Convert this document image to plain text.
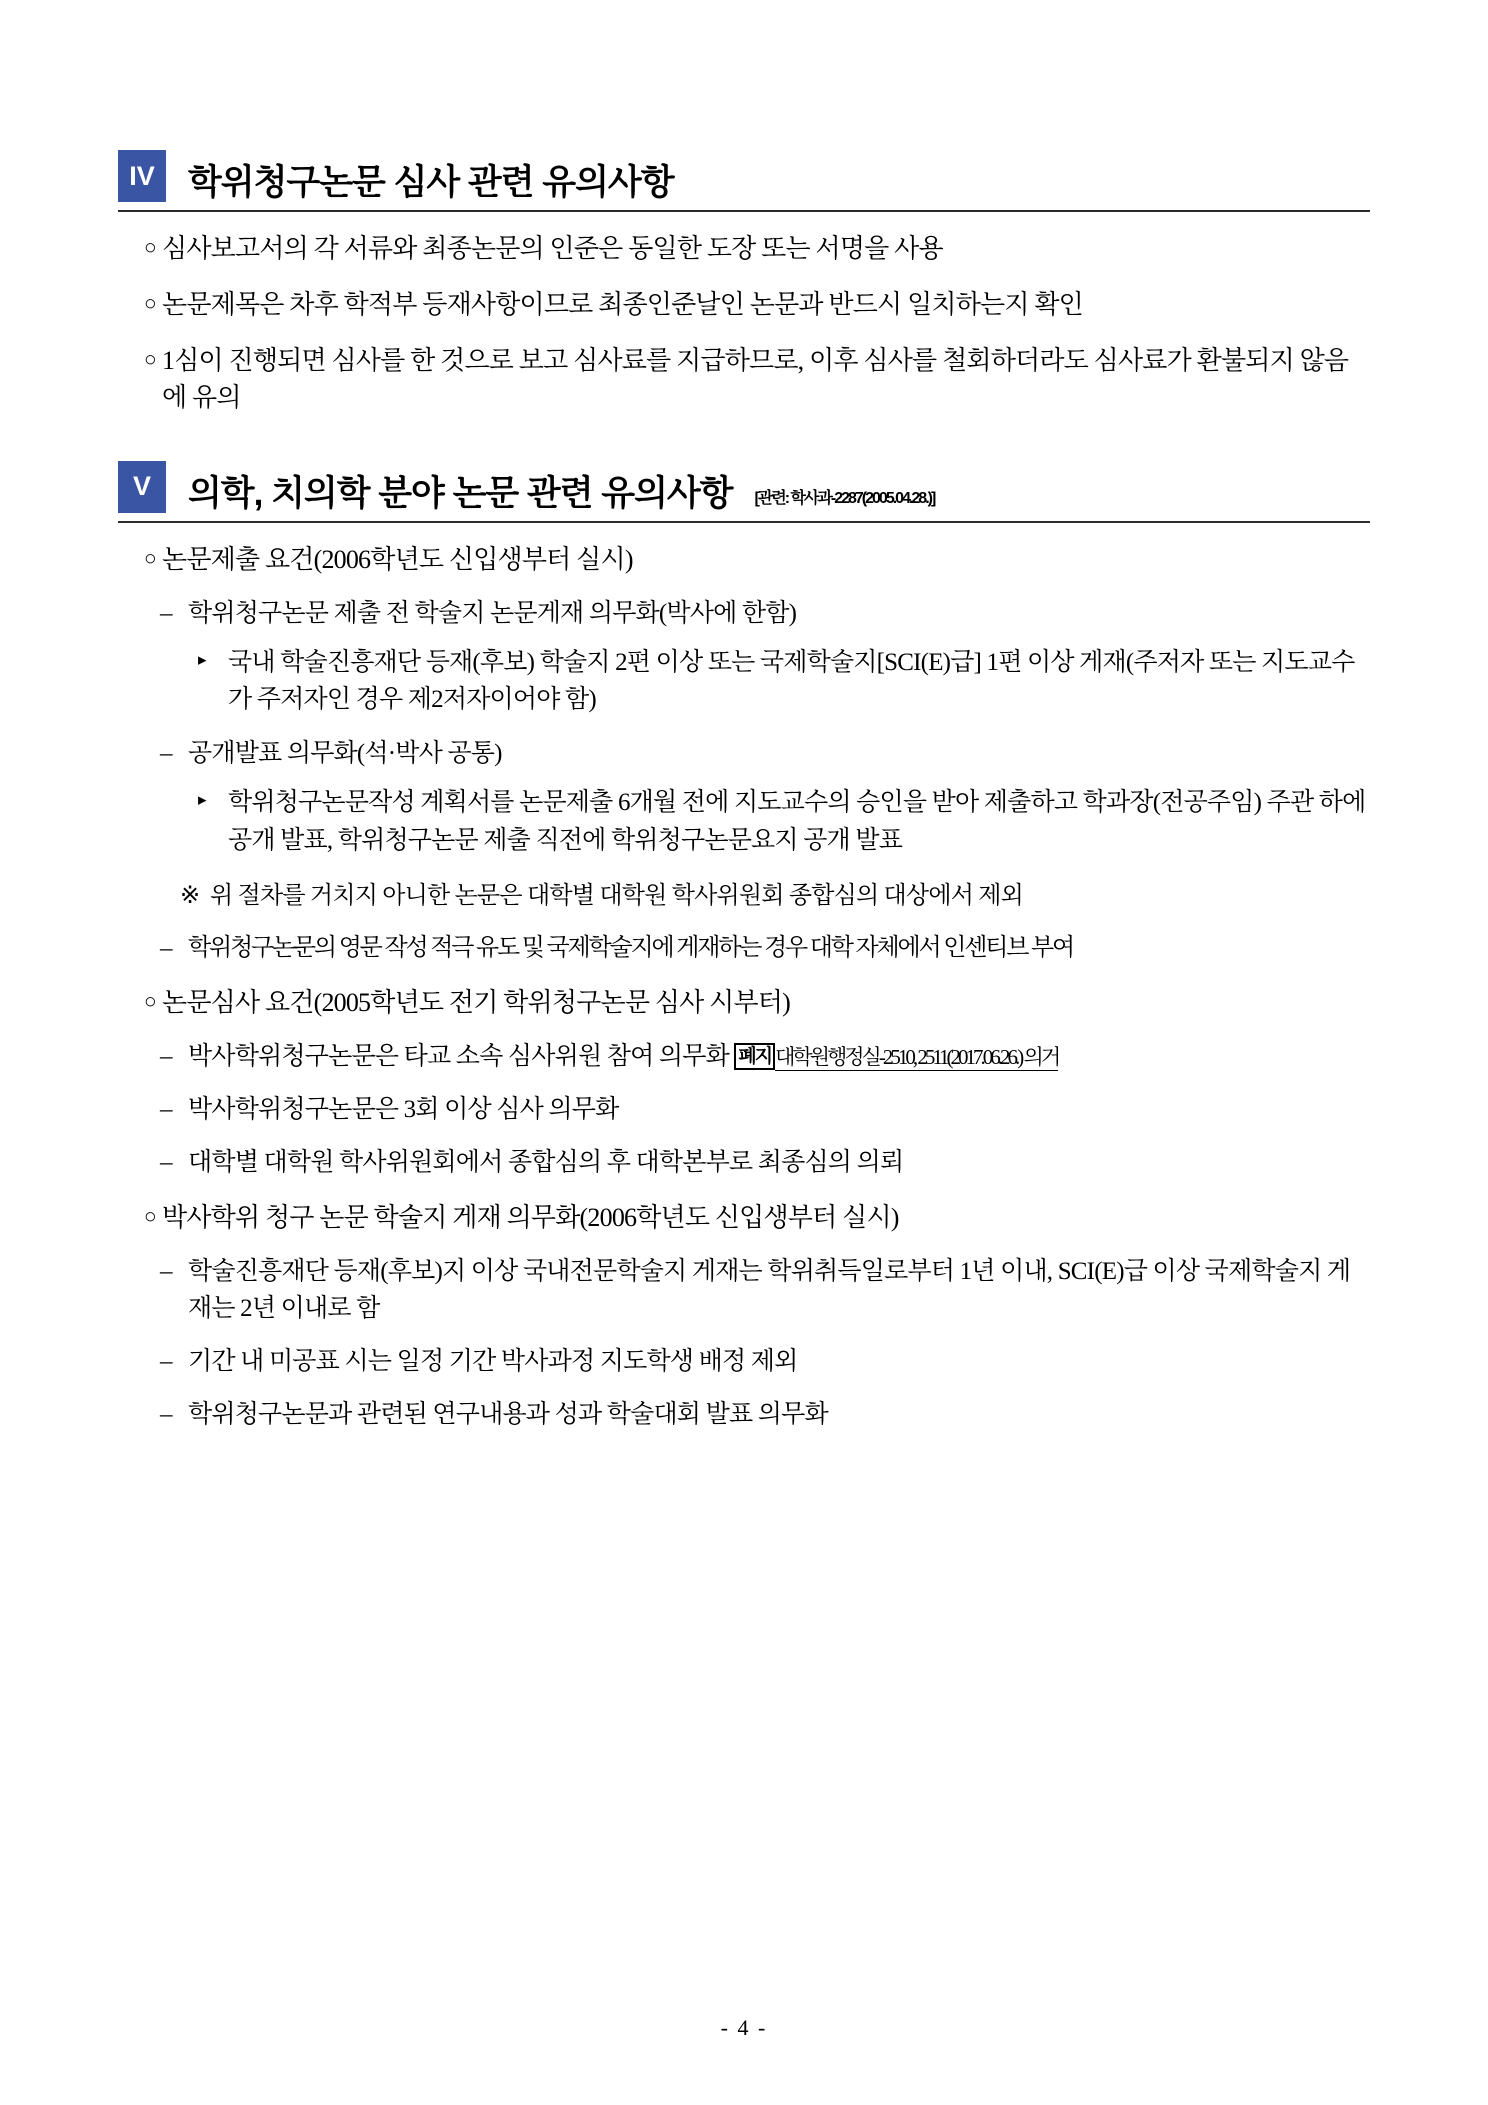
IV 학위청구논문 심사 관련 유의사항
○ 심사보고서의 각 서류와 최종논문의 인준은 동일한 도장 또는 서명을 사용
○ 논문제목은 차후 학적부 등재사항이므로 최종인준날인 논문과 반드시 일치하는지 확인
○ 1심이 진행되면 심사를 한 것으로 보고 심사료를 지급하므로, 이후 심사를 철회하더라도 심사료가 환불되지 않음에 유의
V	의학, 치의학 분야 논문 관련 유의사항 [관련: 학사과-2287(2005.04.28.)]
○ 논문제출 요건(2006학년도 신입생부터 실시)
– 학위청구논문 제출 전 학술지 논문게재 의무화(박사에 한함)
▸ 국내 학술진흥재단 등재(후보) 학술지 2편 이상 또는 국제학술지[SCI(E)급] 1편 이상 게재(주저자 또는 지도교수가 주저자인 경우 제2저자이어야 함)
– 공개발표 의무화(석·박사 공통)
▸ 학위청구논문작성 계획서를 논문제출 6개월 전에 지도교수의 승인을 받아 제출하고 학과장(전공주임) 주관 하에 공개 발표, 학위청구논문 제출 직전에 학위청구논문요지 공개 발표
※ 위 절차를 거치지 아니한 논문은 대학별 대학원 학사위원회 종합심의 대상에서 제외
– 학위청구논문의 영문 작성 적극 유도 및 국제학술지에 게재하는 경우 대학 자체에서 인센티브 부여
○ 논문심사 요건(2005학년도 전기 학위청구논문 심사 시부터)
– 박사학위청구논문은 타교 소속 심사위원 참여 의무화 폐지 대학원행정실-2510, 2511(2017.06.26.) 의거
– 박사학위청구논문은 3회 이상 심사 의무화
– 대학별 대학원 학사위원회에서 종합심의 후 대학본부로 최종심의 의뢰
○ 박사학위 청구 논문 학술지 게재 의무화(2006학년도 신입생부터 실시)
– 학술진흥재단 등재(후보)지 이상 국내전문학술지 게재는 학위취득일로부터 1년 이내, SCI(E)급 이상 국제학술지 게재는 2년 이내로 함
– 기간 내 미공표 시는 일정 기간 박사과정 지도학생 배정 제외
– 학위청구논문과 관련된 연구내용과 성과 학술대회 발표 의무화
- 4 -
